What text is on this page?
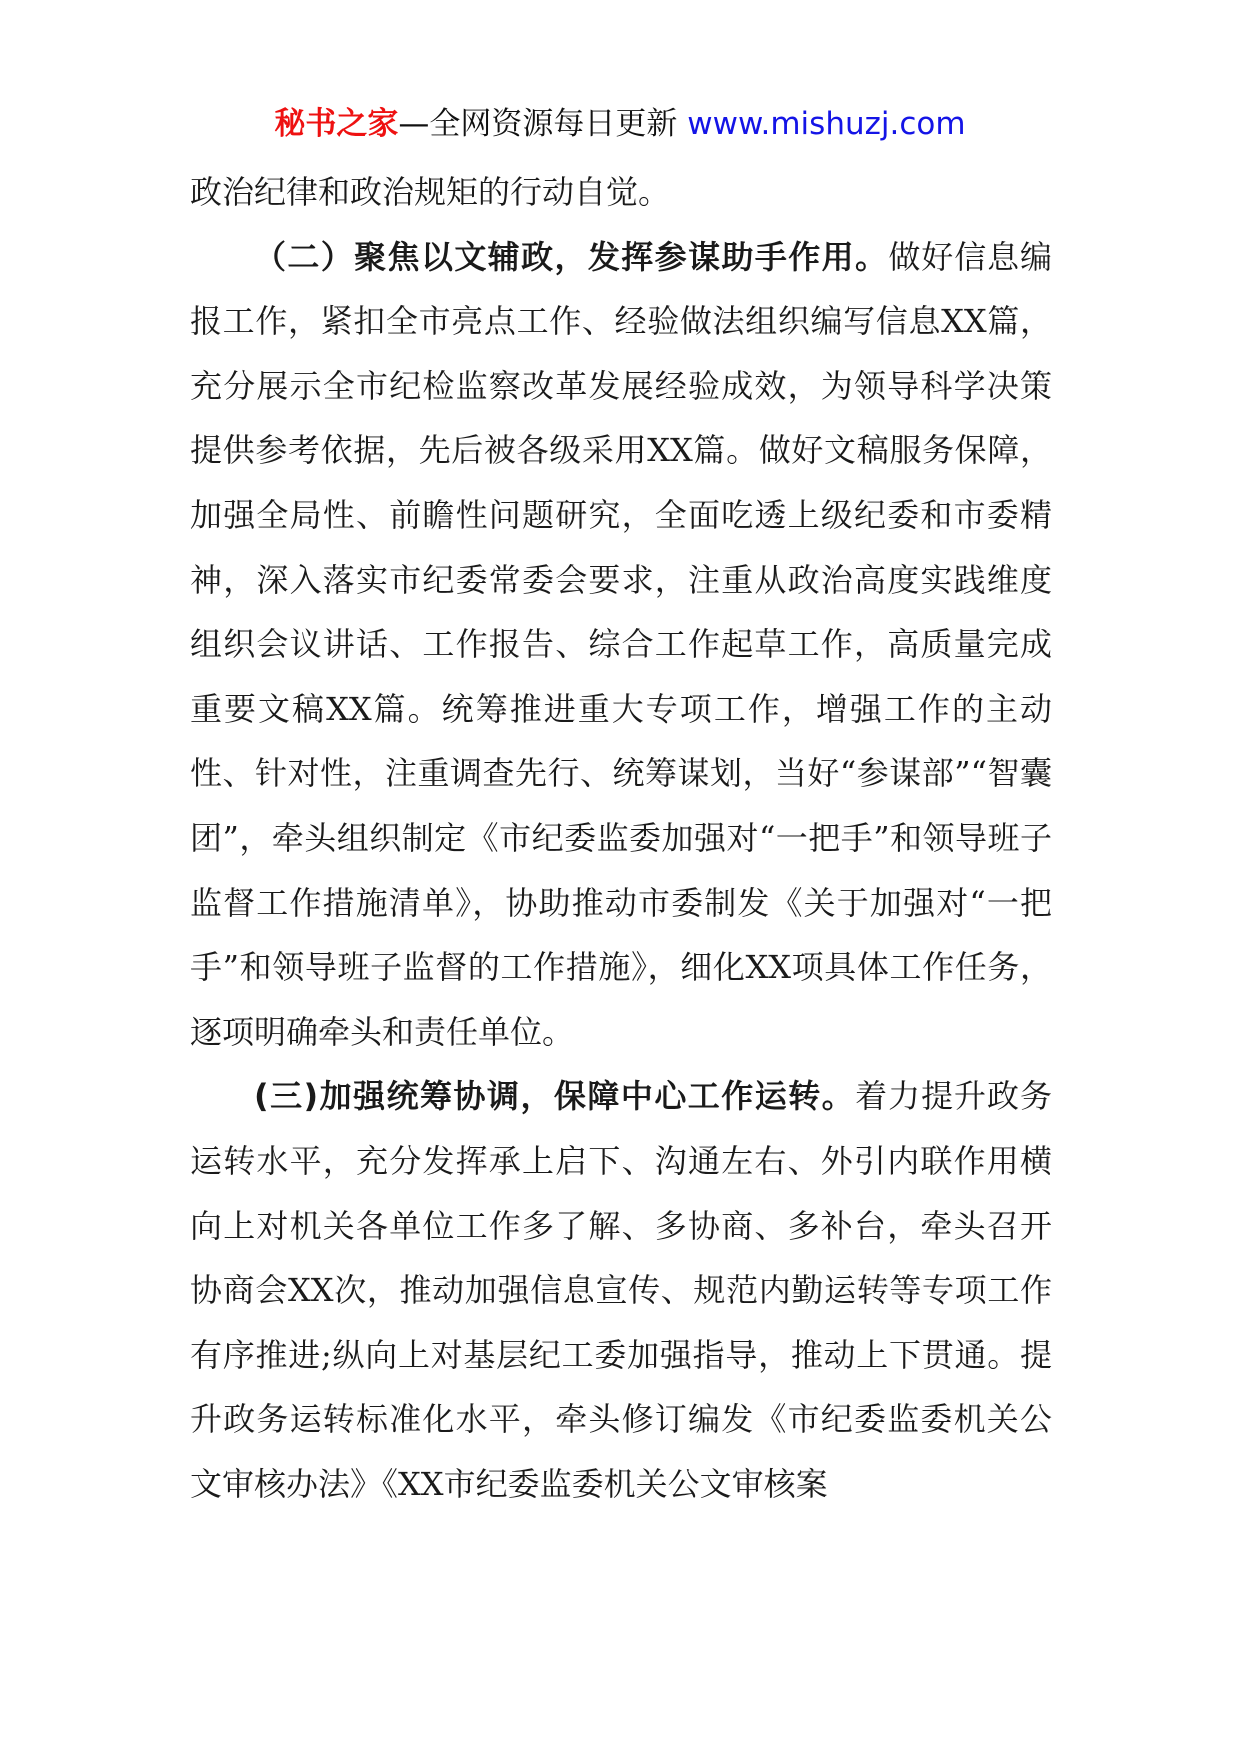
秘书之家—全网资源每日更新 www.mishuzj.com

政治纪律和政治规矩的行动自觉。

（二）聚焦以文辅政，发挥参谋助手作用。做好信息编报工作，紧扣全市亮点工作、经验做法组织编写信息XX篇，充分展示全市纪检监察改革发展经验成效，为领导科学决策提供参考依据，先后被各级采用XX篇。做好文稿服务保障，加强全局性、前瞻性问题研究，全面吃透上级纪委和市委精神，深入落实市纪委常委会要求，注重从政治高度实践维度组织会议讲话、工作报告、综合工作起草工作，高质量完成重要文稿XX篇。统筹推进重大专项工作，增强工作的主动性、针对性，注重调查先行、统筹谋划，当好“参谋部”“智囊团”，牵头组织制定《市纪委监委加强对“一把手”和领导班子监督工作措施清单》，协助推动市委制发《关于加强对“一把手”和领导班子监督的工作措施》，细化XX项具体工作任务，逐项明确牵头和责任单位。

(三)加强统筹协调，保障中心工作运转。着力提升政务运转水平，充分发挥承上启下、沟通左右、外引内联作用横向上对机关各单位工作多了解、多协商、多补台，牵头召开协商会XX次，推动加强信息宣传、规范内勤运转等专项工作有序推进;纵向上对基层纪工委加强指导，推动上下贯通。提升政务运转标准化水平，牵头修订编发《市纪委监委机关公文审核办法》《XX市纪委监委机关公文审核案
